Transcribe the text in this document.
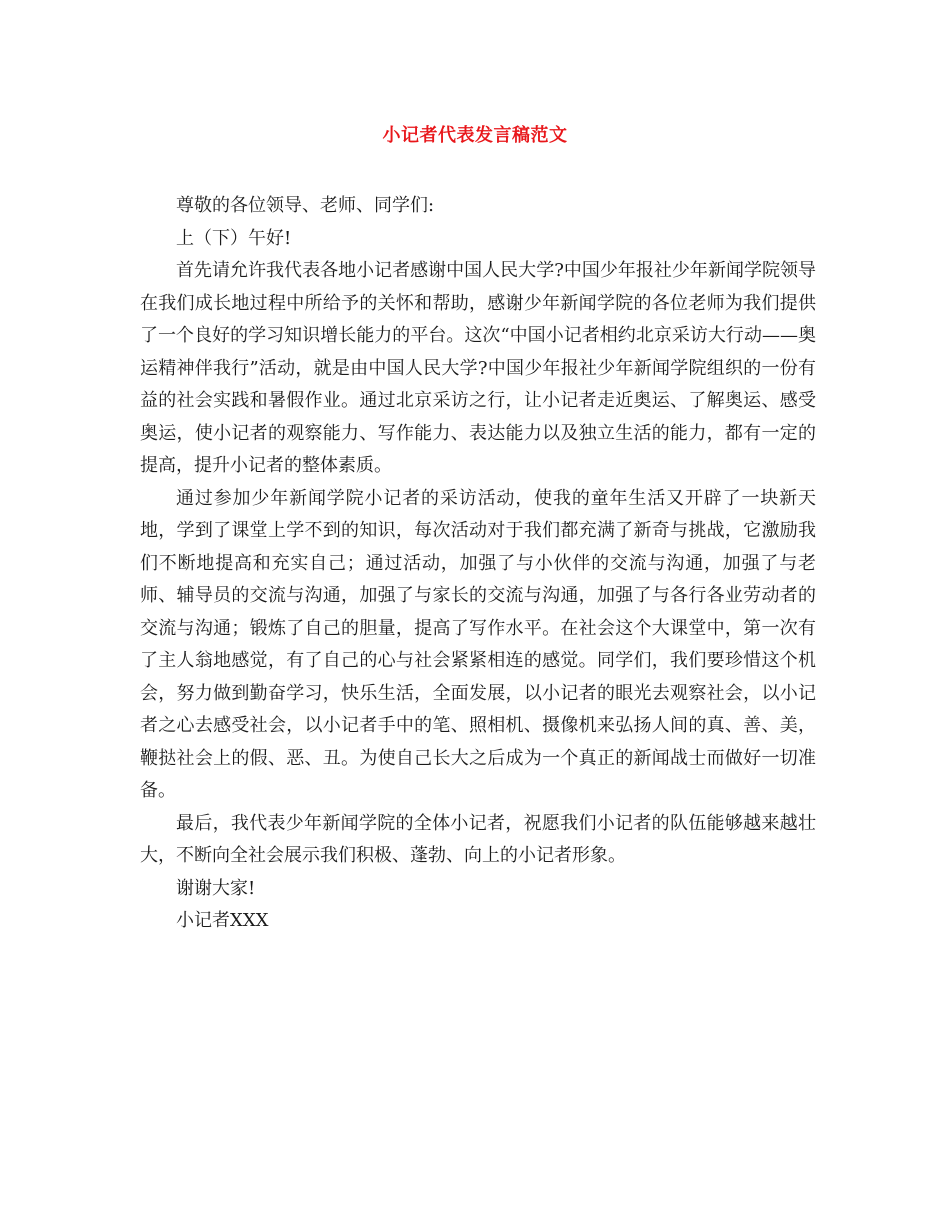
小记者代表发言稿范文

尊敬的各位领导、老师、同学们:

上（下）午好!

首先请允许我代表各地小记者感谢中国人民大学?中国少年报社少年新闻学院领导在我们成长地过程中所给予的关怀和帮助，感谢少年新闻学院的各位老师为我们提供了一个良好的学习知识增长能力的平台。这次“中国小记者相约北京采访大行动——奥运精神伴我行”活动，就是由中国人民大学?中国少年报社少年新闻学院组织的一份有益的社会实践和暑假作业。通过北京采访之行，让小记者走近奥运、了解奥运、感受奥运，使小记者的观察能力、写作能力、表达能力以及独立生活的能力，都有一定的提高，提升小记者的整体素质。

通过参加少年新闻学院小记者的采访活动，使我的童年生活又开辟了一块新天地，学到了课堂上学不到的知识，每次活动对于我们都充满了新奇与挑战，它激励我们不断地提高和充实自己；通过活动，加强了与小伙伴的交流与沟通，加强了与老师、辅导员的交流与沟通，加强了与家长的交流与沟通，加强了与各行各业劳动者的交流与沟通；锻炼了自己的胆量，提高了写作水平。在社会这个大课堂中，第一次有了主人翁地感觉，有了自己的心与社会紧紧相连的感觉。同学们，我们要珍惜这个机会，努力做到勤奋学习，快乐生活，全面发展，以小记者的眼光去观察社会，以小记者之心去感受社会，以小记者手中的笔、照相机、摄像机来弘扬人间的真、善、美，鞭挞社会上的假、恶、丑。为使自己长大之后成为一个真正的新闻战士而做好一切准备。

最后，我代表少年新闻学院的全体小记者，祝愿我们小记者的队伍能够越来越壮大，不断向全社会展示我们积极、蓬勃、向上的小记者形象。

谢谢大家!

小记者XXX
